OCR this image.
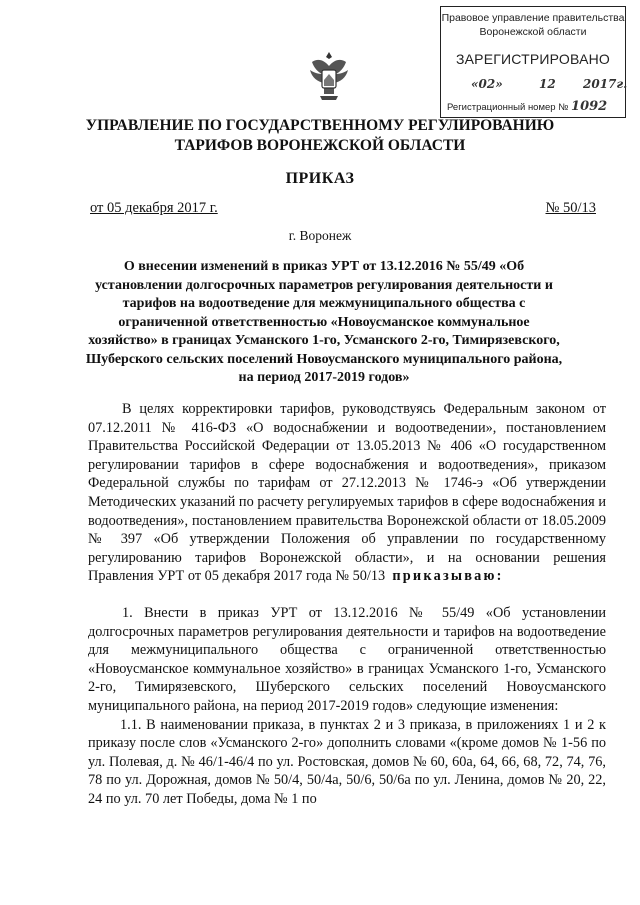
Правовое управление правительства
Воронежской области
ЗАРЕГИСТРИРОВАНО
«02»	12 2017г.
Регистрационный номер № 1092
УПРАВЛЕНИЕ ПО ГОСУДАРСТВЕННОМУ РЕГУЛИРОВАНИЮ
ТАРИФОВ ВОРОНЕЖСКОЙ ОБЛАСТИ
ПРИКАЗ
от 05 декабря 2017 г.	№ 50/13
г. Воронеж
О внесении изменений в приказ УРТ от 13.12.2016 № 55/49 «Об установлении долгосрочных параметров регулирования деятельности и тарифов на водоотведение для межмуниципального общества с ограниченной ответственностью «Новоусманское коммунальное хозяйство» в границах Усманского 1-го, Усманского 2-го, Тимирязевского, Шуберского сельских поселений Новоусманского муниципального района, на период 2017-2019 годов»

В целях корректировки тарифов, руководствуясь Федеральным законом от 07.12.2011 № 416-ФЗ «О водоснабжении и водоотведении», постановлением Правительства Российской Федерации от 13.05.2013 № 406 «О государственном регулировании тарифов в сфере водоснабжения и водоотведения», приказом Федеральной службы по тарифам от 27.12.2013 № 1746-э «Об утверждении Методических указаний по расчету регулируемых тарифов в сфере водоснабжения и водоотведения», постановлением правительства Воронежской области от 18.05.2009 № 397 «Об утверждении Положения об управлении по государственному регулированию тарифов Воронежской области», и на основании решения Правления УРТ от 05 декабря 2017 года № 50/13 приказываю:

1. Внести в приказ УРТ от 13.12.2016 № 55/49 «Об установлении долгосрочных параметров регулирования деятельности и тарифов на водоотведение для межмуниципального общества с ограниченной ответственностью «Новоусманское коммунальное хозяйство» в границах Усманского 1-го, Усманского 2-го, Тимирязевского, Шуберского сельских поселений Новоусманского муниципального района, на период 2017-2019 годов» следующие изменения:

1.1. В наименовании приказа, в пунктах 2 и 3 приказа, в приложениях 1 и 2 к приказу после слов «Усманского 2-го» дополнить словами «(кроме домов № 1-56 по ул. Полевая, д. № 46/1-46/4 по ул. Ростовская, домов № 60, 60а, 64, 66, 68, 72, 74, 76, 78 по ул. Дорожная, домов № 50/4, 50/4а, 50/6, 50/6а по ул. Ленина, домов № 20, 22, 24 по ул. 70 лет Победы, дома № 1 по
